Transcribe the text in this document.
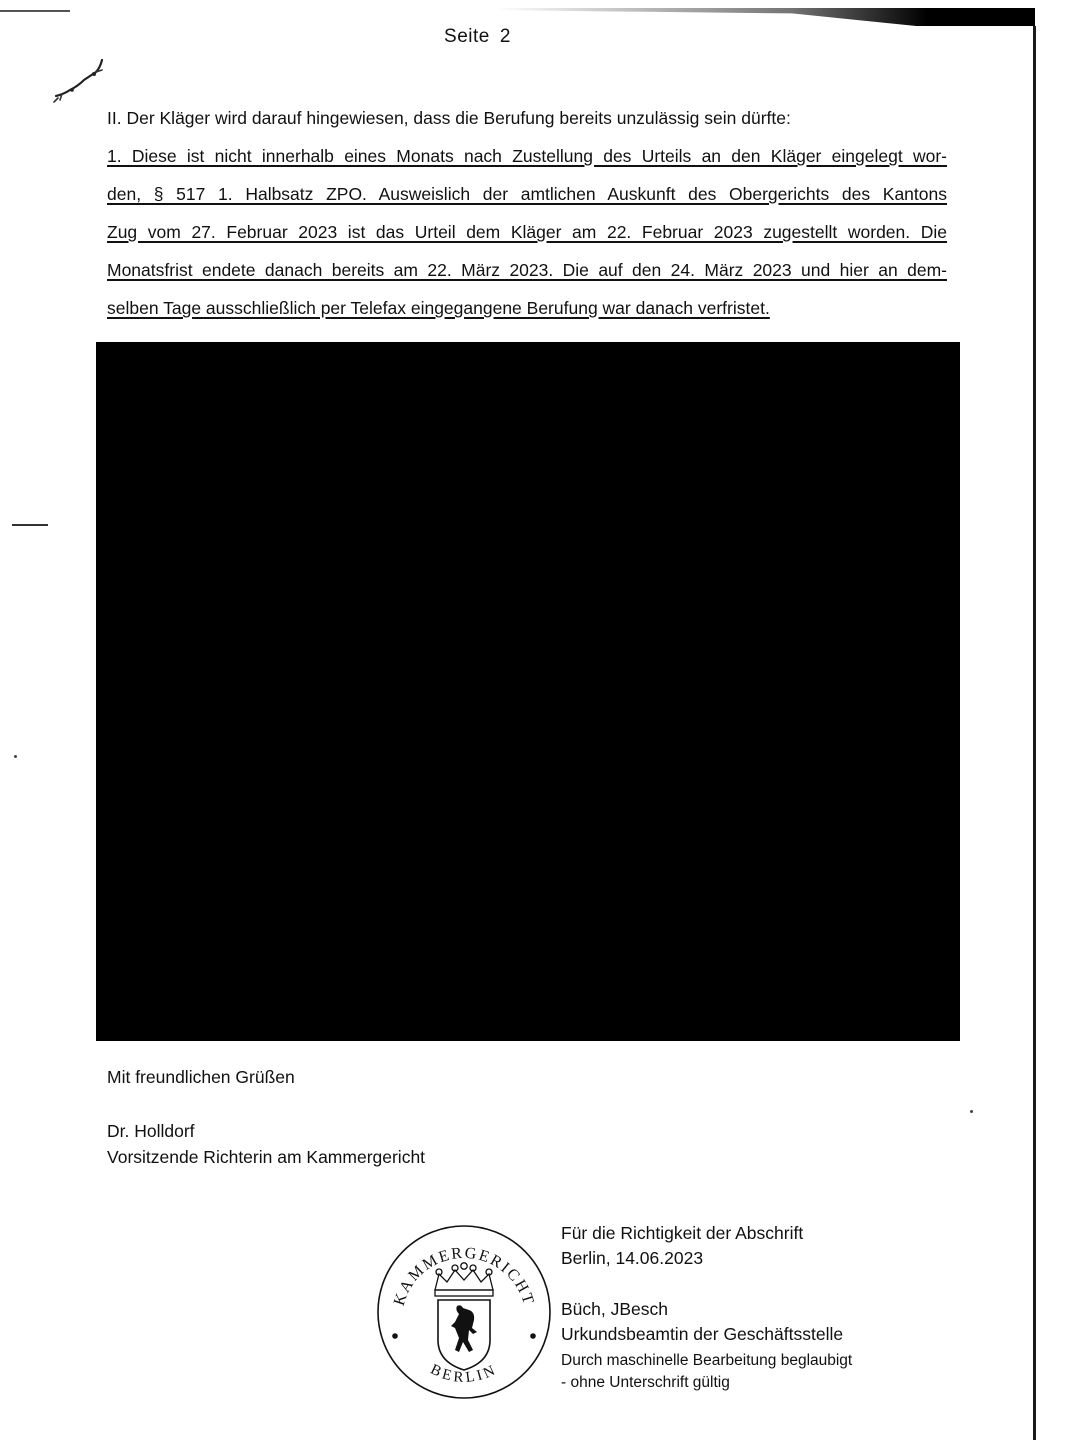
Seite 2
II. Der Kläger wird darauf hingewiesen, dass die Berufung bereits unzulässig sein dürfte:
1. Diese ist nicht innerhalb eines Monats nach Zustellung des Urteils an den Kläger eingelegt wor-
den, § 517 1. Halbsatz ZPO. Ausweislich der amtlichen Auskunft des Obergerichts des Kantons
Zug vom 27. Februar 2023 ist das Urteil dem Kläger am 22. Februar 2023 zugestellt worden. Die
Monatsfrist endete danach bereits am 22. März 2023. Die auf den 24. März 2023 und hier an dem-
selben Tage ausschließlich per Telefax eingegangene Berufung war danach verfristet.
Mit freundlichen Grüßen
Dr. Holldorf
Vorsitzende Richterin am Kammergericht
KAMMERGERICHT
BERLIN
Für die Richtigkeit der Abschrift
Berlin, 14.06.2023
Büch, JBesch
Urkundsbeamtin der Geschäftsstelle
Durch maschinelle Bearbeitung beglaubigt
- ohne Unterschrift gültig
